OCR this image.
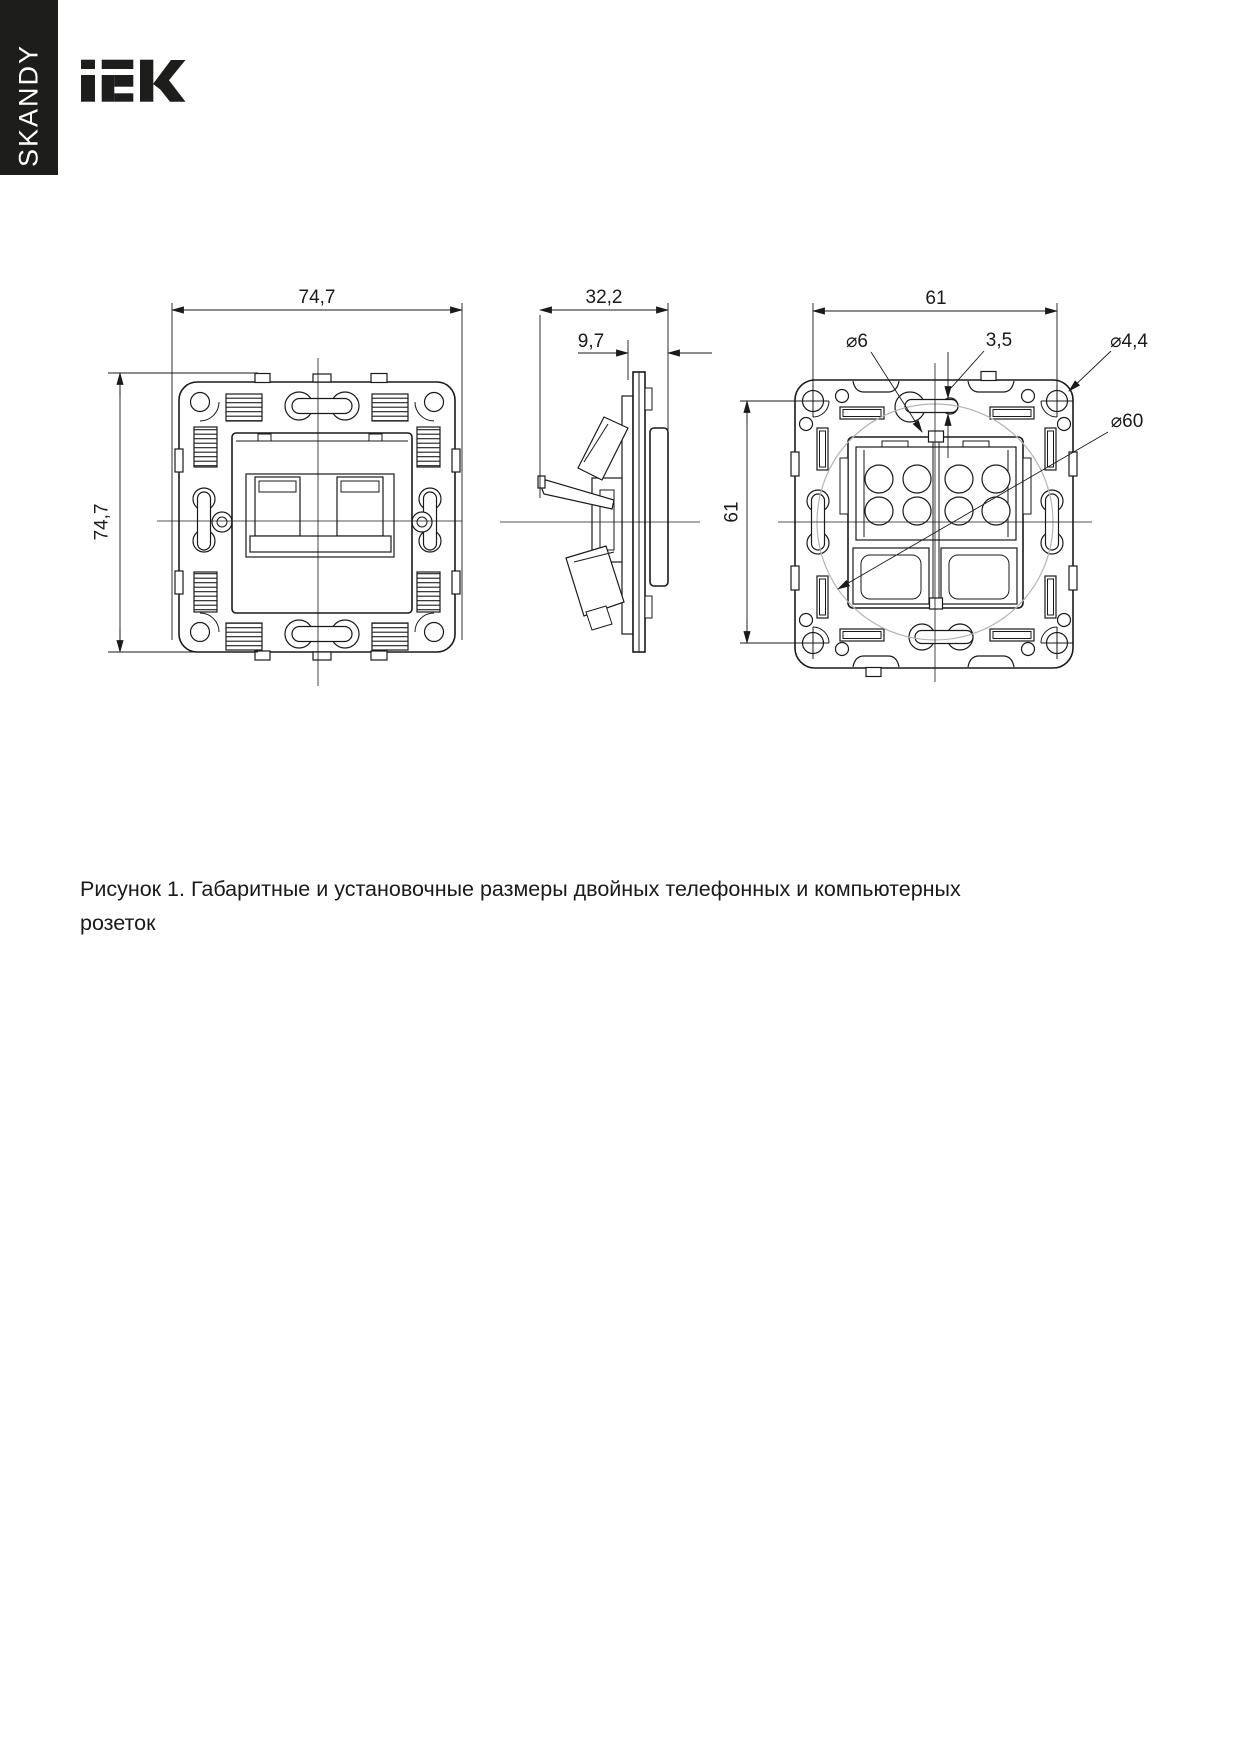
SKANDY
74,7
74,7
32,2
9,7
61
61
⌀6	3,5	⌀4,4
⌀60
Рисунок 1. Габаритные и установочные размеры двойных телефонных и компьютерных
розеток
